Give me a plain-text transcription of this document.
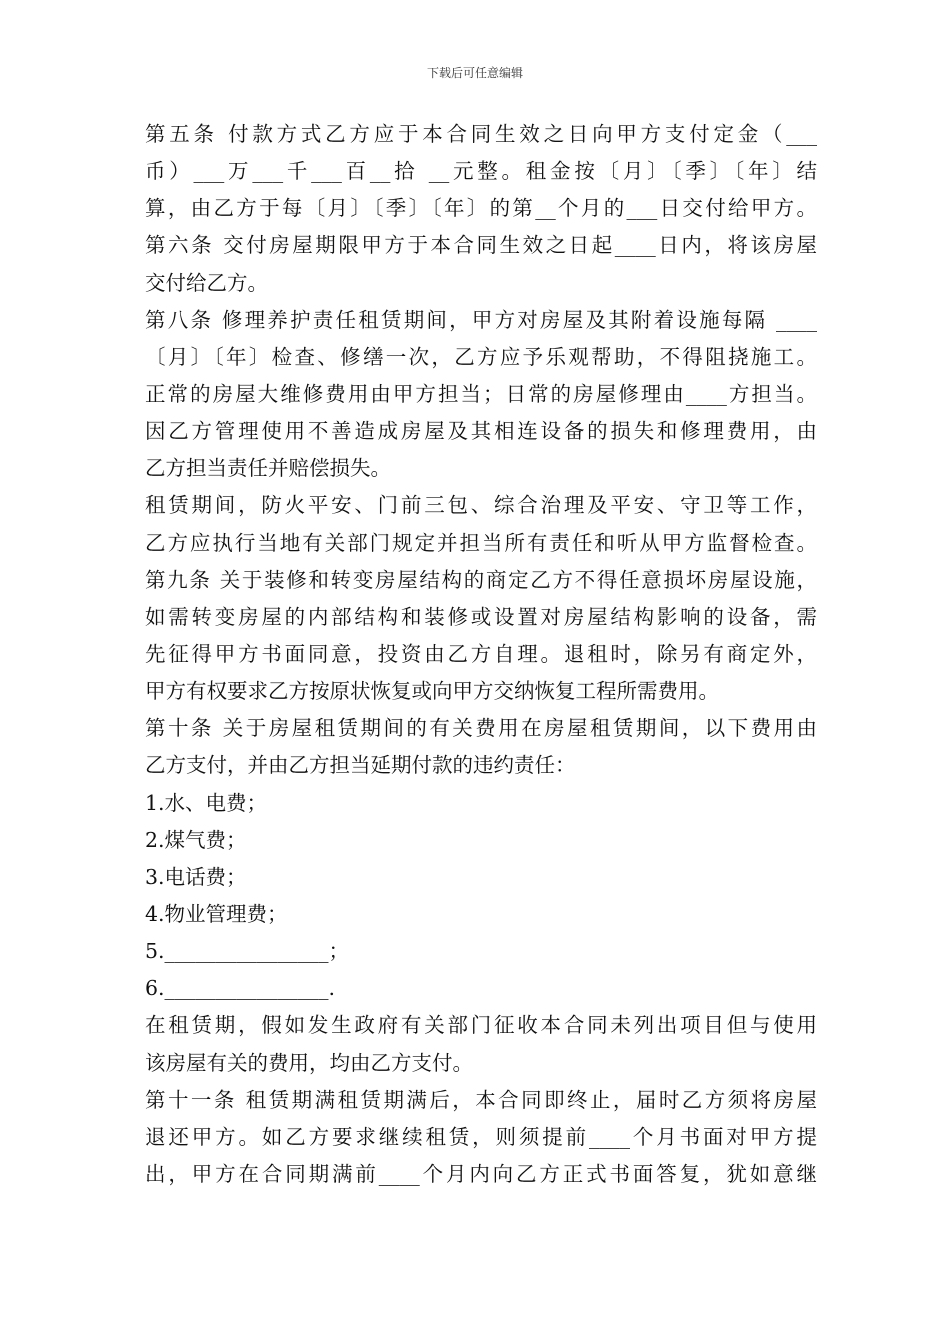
下载后可任意编辑
第五条 付款方式乙方应于本合同生效之日向甲方支付定金（___
币）___万___千___百__拾 __元整。租金按〔月〕〔季〕〔年〕结
算，由乙方于每〔月〕〔季〕〔年〕的第__个月的___日交付给甲方。
第六条 交付房屋期限甲方于本合同生效之日起____日内，将该房屋
交付给乙方。
第八条 修理养护责任租赁期间，甲方对房屋及其附着设施每隔 ____
〔月〕〔年〕检查、修缮一次，乙方应予乐观帮助，不得阻挠施工。
正常的房屋大维修费用由甲方担当；日常的房屋修理由____方担当。
因乙方管理使用不善造成房屋及其相连设备的损失和修理费用，由
乙方担当责任并赔偿损失。
租赁期间，防火平安、门前三包、综合治理及平安、守卫等工作，
乙方应执行当地有关部门规定并担当所有责任和听从甲方监督检查。
第九条 关于装修和转变房屋结构的商定乙方不得任意损坏房屋设施，
如需转变房屋的内部结构和装修或设置对房屋结构影响的设备，需
先征得甲方书面同意，投资由乙方自理。退租时，除另有商定外，
甲方有权要求乙方按原状恢复或向甲方交纳恢复工程所需费用。
第十条 关于房屋租赁期间的有关费用在房屋租赁期间，以下费用由
乙方支付，并由乙方担当延期付款的违约责任：
1.水、电费；
2.煤气费；
3.电话费；
4.物业管理费；
5.________________；
6.________________.
在租赁期，假如发生政府有关部门征收本合同未列出项目但与使用
该房屋有关的费用，均由乙方支付。
第十一条 租赁期满租赁期满后，本合同即终止，届时乙方须将房屋
退还甲方。如乙方要求继续租赁，则须提前____个月书面对甲方提
出，甲方在合同期满前____个月内向乙方正式书面答复，犹如意继
